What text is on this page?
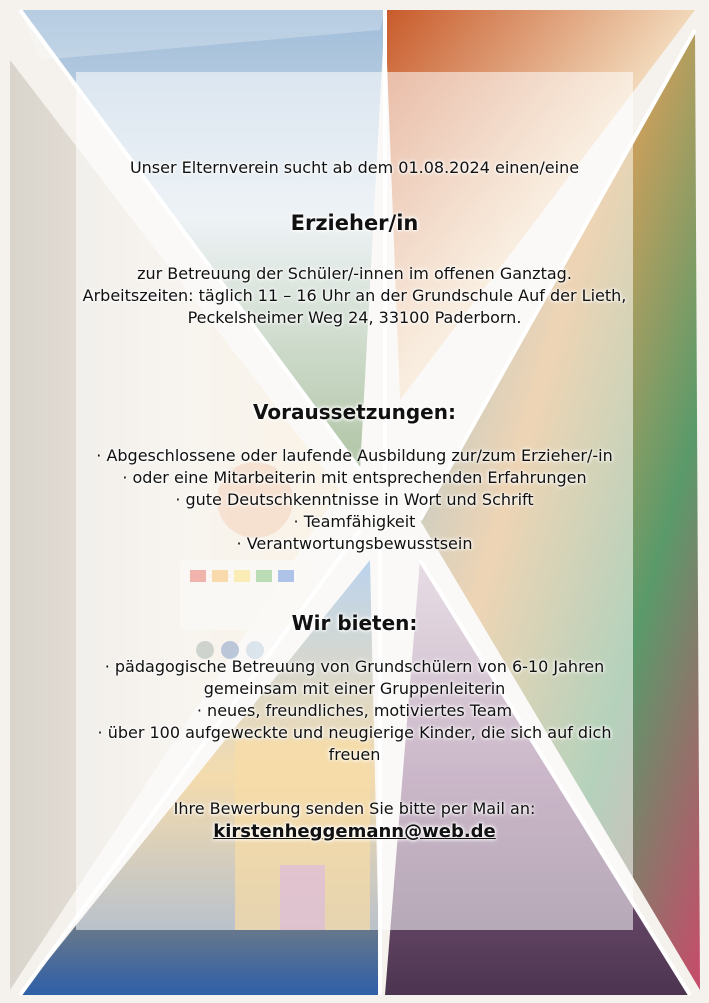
Unser Elternverein sucht ab dem 01.08.2024 einen/eine

Erzieher/in

zur Betreuung der Schüler/-innen im offenen Ganztag.

Arbeitszeiten: täglich 11 – 16 Uhr an der Grundschule Auf der Lieth,

Peckelsheimer Weg 24, 33100 Paderborn.

Voraussetzungen:

· Abgeschlossene oder laufende Ausbildung zur/zum Erzieher/-in
· oder eine Mitarbeiterin mit entsprechenden Erfahrungen
· gute Deutschkenntnisse in Wort und Schrift
· Teamfähigkeit
· Verantwortungsbewusstsein

Wir bieten:

· pädagogische Betreuung von Grundschülern von 6-10 Jahren gemeinsam mit einer Gruppenleiterin
· neues, freundliches, motiviertes Team
· über 100 aufgeweckte und neugierige Kinder, die sich auf dich freuen

Ihre Bewerbung senden Sie bitte per Mail an:

kirstenheggemann@web.de
